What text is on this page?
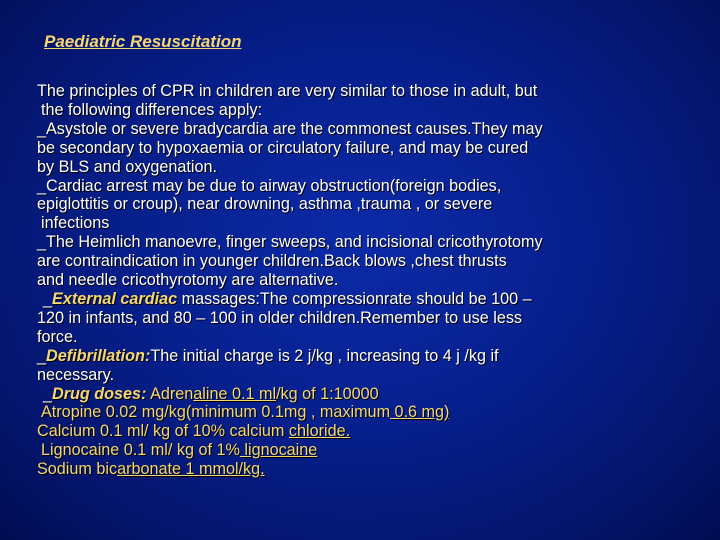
Paediatric Resuscitation
The principles of CPR in children are very similar to those in adult, but
the following differences apply:
_Asystole or severe bradycardia are the commonest causes.They may
be secondary to hypoxaemia or circulatory failure, and may be cured
by BLS and oxygenation.
_Cardiac arrest may be due to airway obstruction(foreign bodies,
epiglottitis or croup), near drowning, asthma ,trauma , or severe
infections
_The Heimlich manoevre, finger sweeps, and incisional cricothyrotomy
are contraindication in younger children.Back blows ,chest thrusts
and needle cricothyrotomy are alternative.
_External cardiac massages:The compressionrate should be 100 –
120 in infants, and 80 – 100 in older children.Remember to use less
force.
_Defibrillation:The initial charge is 2 j/kg , increasing to 4 j /kg if
necessary.
_Drug doses: Adrenaline 0.1 ml/kg of 1:10000
Atropine 0.02 mg/kg(minimum 0.1mg , maximum 0.6 mg)
Calcium 0.1 ml/ kg of 10% calcium chloride.
Lignocaine 0.1 ml/ kg of 1% lignocaine
Sodium bicarbonate 1 mmol/kg.
